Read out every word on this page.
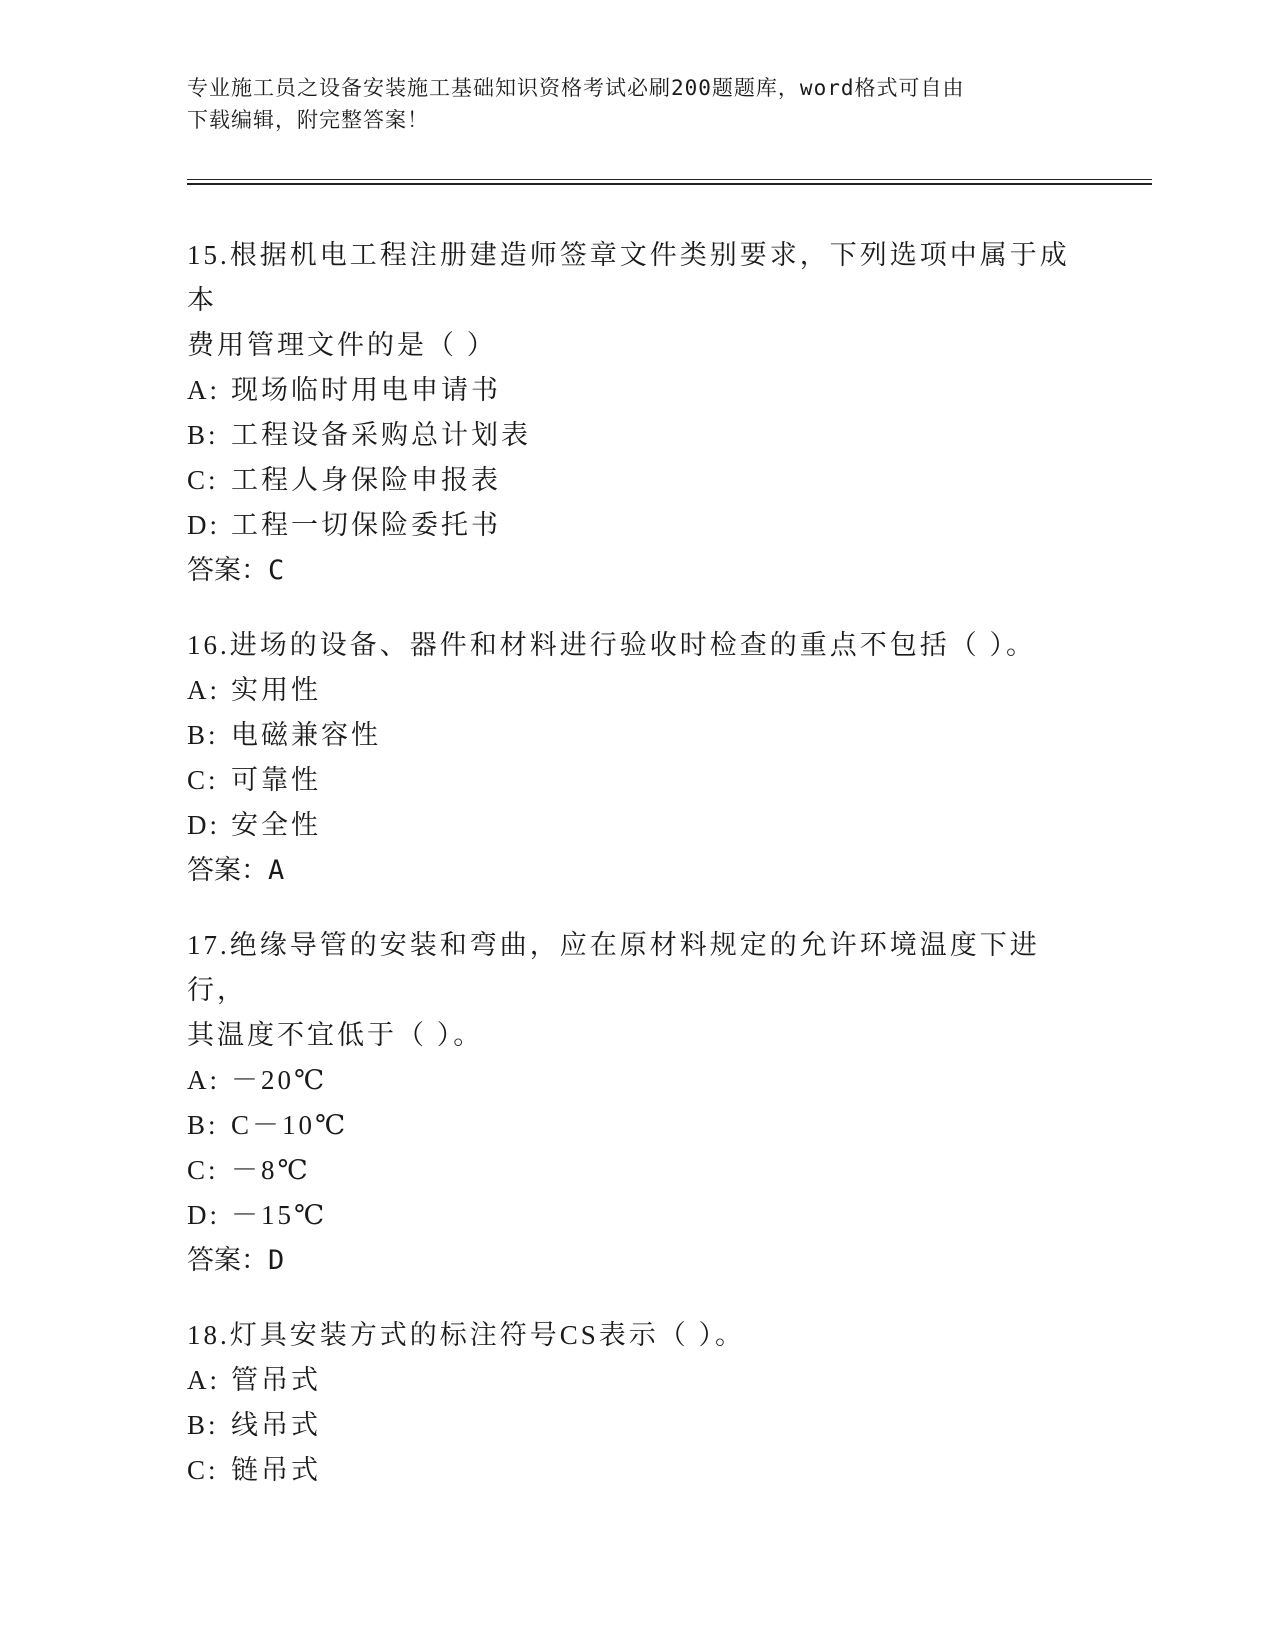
专业施工员之设备安装施工基础知识资格考试必刷200题题库，word格式可自由
下载编辑，附完整答案！

15.根据机电工程注册建造师签章文件类别要求，下列选项中属于成本

费用管理文件的是（ ）

A: 现场临时用电申请书

B: 工程设备采购总计划表

C: 工程人身保险申报表

D: 工程一切保险委托书

答案：C

16.进场的设备、器件和材料进行验收时检查的重点不包括（ ）。

A: 实用性

B: 电磁兼容性

C: 可靠性

D: 安全性

答案：A

17.绝缘导管的安装和弯曲，应在原材料规定的允许环境温度下进行，

其温度不宜低于（ ）。

A: －20℃

B: C－10℃

C: －8℃

D: －15℃

答案：D

18.灯具安装方式的标注符号CS表示（ ）。

A: 管吊式

B: 线吊式

C: 链吊式
